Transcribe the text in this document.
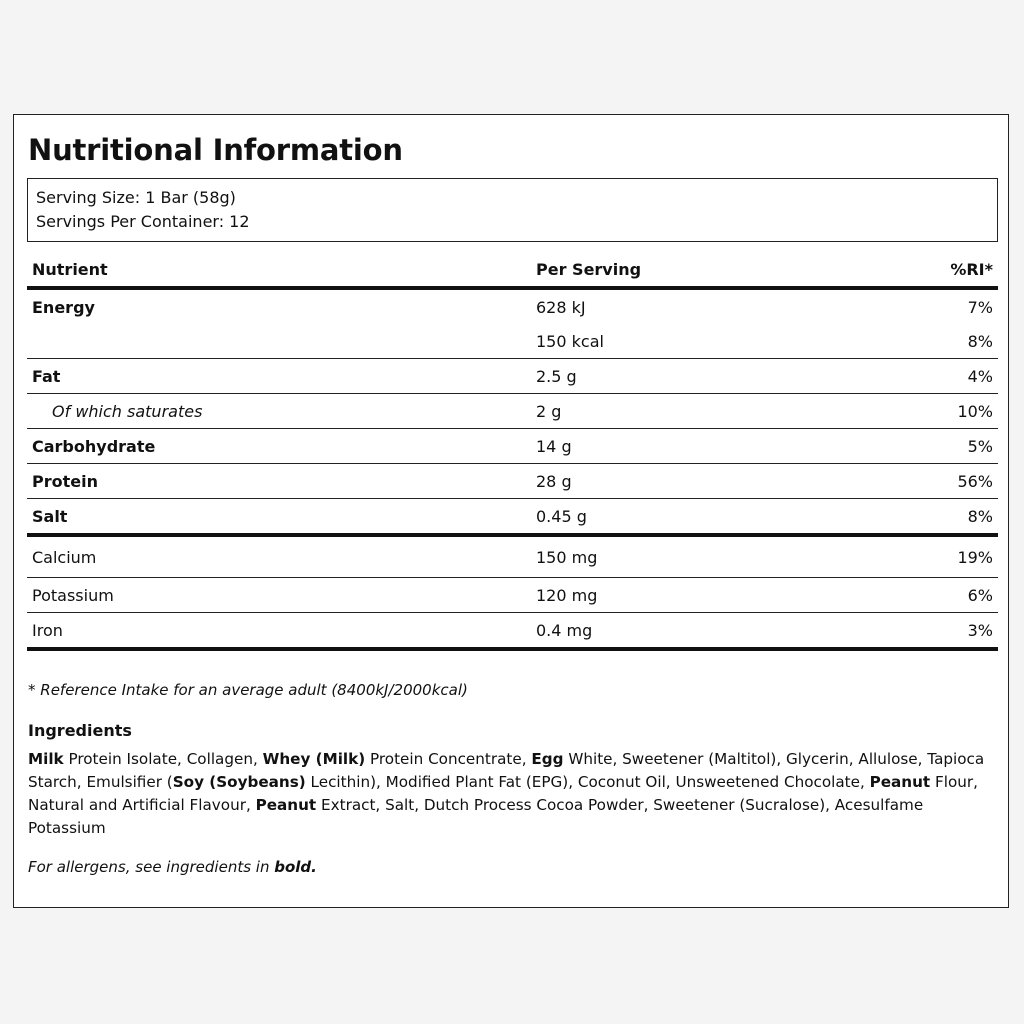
Nutritional Information
Serving Size: 1 Bar (58g)
Servings Per Container: 12
Nutrient	Per Serving	%RI*
Energy	628 kJ	7%
	150 kcal	8%
Fat	2.5 g	4%
Of which saturates	2 g	10%
Carbohydrate	14 g	5%
Protein	28 g	56%
Salt	0.45 g	8%
Calcium	150 mg	19%
Potassium	120 mg	6%
Iron	0.4 mg	3%
* Reference Intake for an average adult (8400kJ/2000kcal)
Ingredients
Milk Protein Isolate, Collagen, Whey (Milk) Protein Concentrate, Egg White, Sweetener (Maltitol), Glycerin, Allulose, Tapioca Starch, Emulsifier (Soy (Soybeans) Lecithin), Modified Plant Fat (EPG), Coconut Oil, Unsweetened Chocolate, Peanut Flour, Natural and Artificial Flavour, Peanut Extract, Salt, Dutch Process Cocoa Powder, Sweetener (Sucralose), Acesulfame Potassium
For allergens, see ingredients in bold.
